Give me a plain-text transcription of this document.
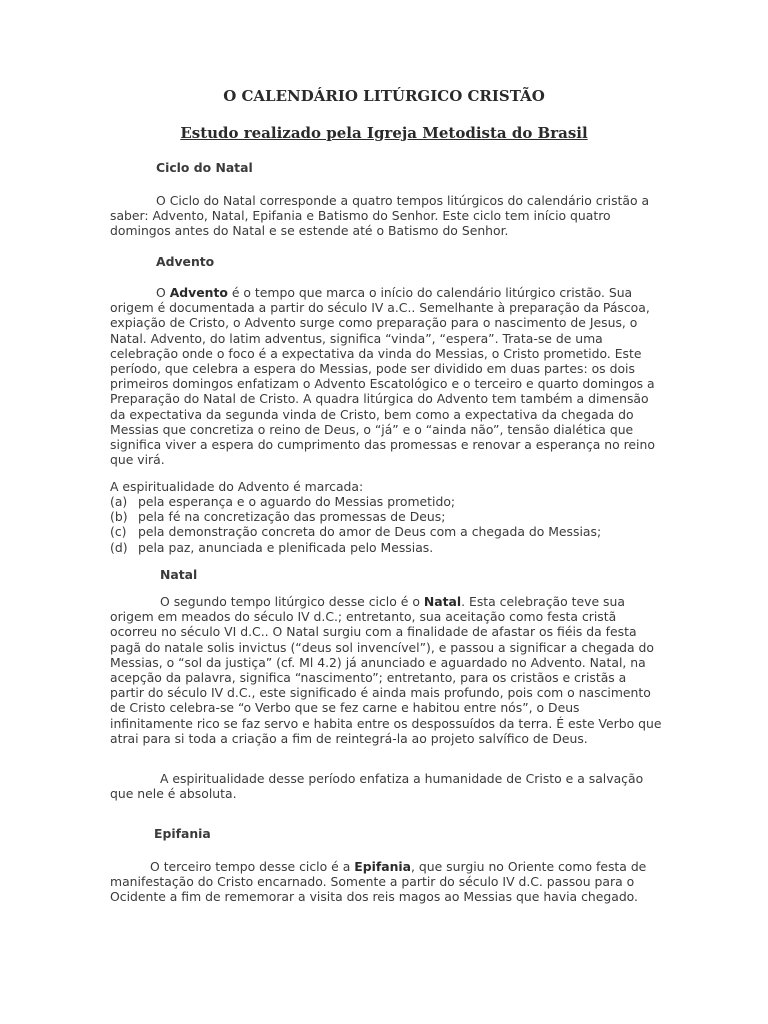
O CALENDÁRIO LITÚRGICO CRISTÃO
Estudo realizado pela Igreja Metodista do Brasil
Ciclo do Natal

O Ciclo do Natal corresponde a quatro tempos litúrgicos do calendário cristão a saber: Advento, Natal, Epifania e Batismo do Senhor. Este ciclo tem início quatro domingos antes do Natal e se estende até o Batismo do Senhor.

Advento

O Advento é o tempo que marca o início do calendário litúrgico cristão. Sua origem é documentada a partir do século IV a.C.. Semelhante à preparação da Páscoa, expiação de Cristo, o Advento surge como preparação para o nascimento de Jesus, o Natal. Advento, do latim adventus, significa “vinda”, “espera”. Trata-se de uma celebração onde o foco é a expectativa da vinda do Messias, o Cristo prometido. Este período, que celebra a espera do Messias, pode ser dividido em duas partes: os dois primeiros domingos enfatizam o Advento Escatológico e o terceiro e quarto domingos a Preparação do Natal de Cristo. A quadra litúrgica do Advento tem também a dimensão da expectativa da segunda vinda de Cristo, bem como a expectativa da chegada do Messias que concretiza o reino de Deus, o “já” e o “ainda não”, tensão dialética que significa viver a espera do cumprimento das promessas e renovar a esperança no reino que virá.

A espiritualidade do Advento é marcada:

(a) pela esperança e o aguardo do Messias prometido;
(b) pela fé na concretização das promessas de Deus;
(c) pela demonstração concreta do amor de Deus com a chegada do Messias;
(d) pela paz, anunciada e plenificada pelo Messias.
Natal

O segundo tempo litúrgico desse ciclo é o Natal. Esta celebração teve sua origem em meados do século IV d.C.; entretanto, sua aceitação como festa cristã ocorreu no século VI d.C.. O Natal surgiu com a finalidade de afastar os fiéis da festa pagã do natale solis invictus (“deus sol invencível”), e passou a significar a chegada do Messias, o “sol da justiça” (cf. Ml 4.2) já anunciado e aguardado no Advento. Natal, na acepção da palavra, significa “nascimento”; entretanto, para os cristãos e cristãs a partir do século IV d.C., este significado é ainda mais profundo, pois com o nascimento de Cristo celebra-se “o Verbo que se fez carne e habitou entre nós”, o Deus infinitamente rico se faz servo e habita entre os despossuídos da terra. É este Verbo que atrai para si toda a criação a fim de reintegrá-la ao projeto salvífico de Deus.

A espiritualidade desse período enfatiza a humanidade de Cristo e a salvação que nele é absoluta.

Epifania

O terceiro tempo desse ciclo é a Epifania, que surgiu no Oriente como festa de manifestação do Cristo encarnado. Somente a partir do século IV d.C. passou para o Ocidente a fim de rememorar a visita dos reis magos ao Messias que havia chegado.
